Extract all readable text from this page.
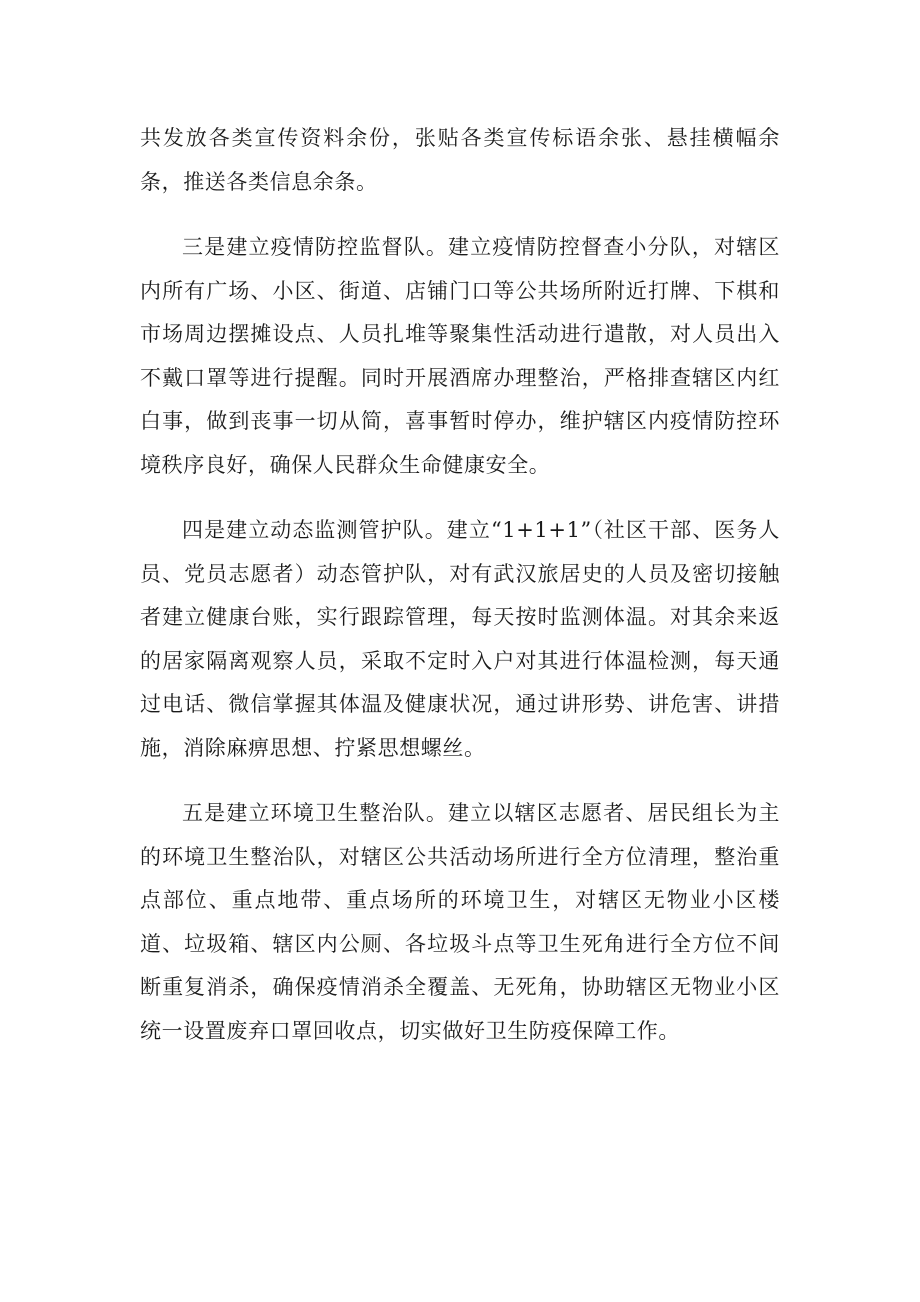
共发放各类宣传资料余份，张贴各类宣传标语余张、悬挂横幅余条，推送各类信息余条。

三是建立疫情防控监督队。建立疫情防控督查小分队，对辖区内所有广场、小区、街道、店铺门口等公共场所附近打牌、下棋和市场周边摆摊设点、人员扎堆等聚集性活动进行遣散，对人员出入不戴口罩等进行提醒。同时开展酒席办理整治，严格排查辖区内红白事，做到丧事一切从简，喜事暂时停办，维护辖区内疫情防控环境秩序良好，确保人民群众生命健康安全。

四是建立动态监测管护队。建立“1+1+1”（社区干部、医务人员、党员志愿者）动态管护队，对有武汉旅居史的人员及密切接触者建立健康台账，实行跟踪管理，每天按时监测体温。对其余来返的居家隔离观察人员，采取不定时入户对其进行体温检测，每天通过电话、微信掌握其体温及健康状况，通过讲形势、讲危害、讲措施，消除麻痹思想、拧紧思想螺丝。

五是建立环境卫生整治队。建立以辖区志愿者、居民组长为主的环境卫生整治队，对辖区公共活动场所进行全方位清理，整治重点部位、重点地带、重点场所的环境卫生，对辖区无物业小区楼道、垃圾箱、辖区内公厕、各垃圾斗点等卫生死角进行全方位不间断重复消杀，确保疫情消杀全覆盖、无死角，协助辖区无物业小区统一设置废弃口罩回收点，切实做好卫生防疫保障工作。
